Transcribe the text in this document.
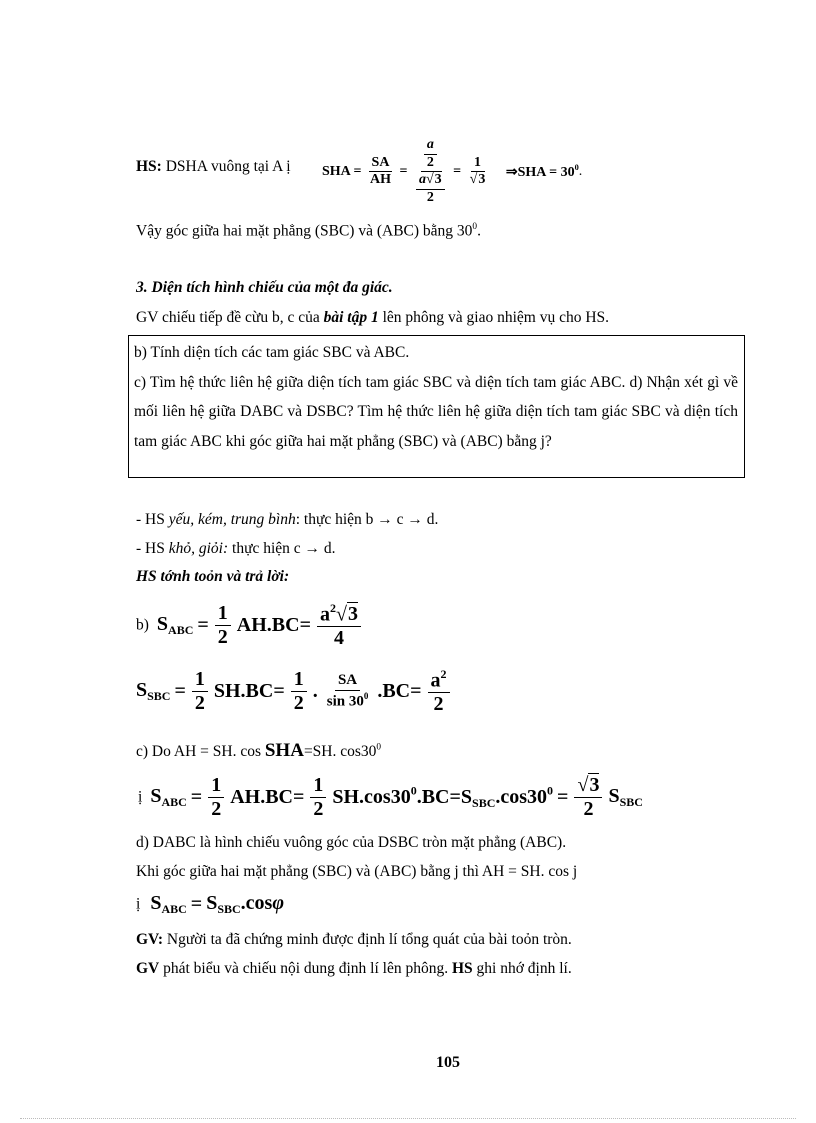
HS: DSHA vuông tại A ị SHA = $\frac{SA}{AH} = \frac{\frac{a}{2}}{\frac{a√3}{2}} = \frac{1}{√3}$ ⇒SHA = $30^0$.
Vậy góc giữa hai mặt phẳng (SBC) và (ABC) bằng $30^0$.
3. Diện tích hình chiếu của một đa giác.
GV chiếu tiếp đề cừu b, c của bài tập 1 lên phông và giao nhiệm vụ cho HS.
b) Tính diện tích các tam giác SBC và ABC.
c) Tìm hệ thức liên hệ giữa diện tích tam giác SBC và diện tích tam giác ABC. d) Nhận xét gì về mối liên hệ giữa DABC và DSBC? Tìm hệ thức liên hệ giữa diện tích tam giác SBC và diện tích tam giác ABC khi góc giữa hai mặt phẳng (SBC) và (ABC) bằng j?
- HS yếu, kém, trung bình: thực hiện b → c → d.
- HS khỏ, giỏi: thực hiện c → d.
HS tớnh toỏn và trả lời:
b) $S_{ABC} = \frac{1}{2} AH.BC= \frac{a^2√3}{4}$
$S_{SBC} = \frac{1}{2} SH.BC= \frac{1}{2}$ . $\frac{SA}{\sin 30^0} .BC= \frac{a^2}{2}$
c) Do AH = SH. cos SHA=SH. $\cos 30^0$
ị $S_{ABC} = \frac{1}{2} AH.BC= \frac{1}{2} SH.\cos 30^0.BC=S_{SBC}.\cos 30^0 = \frac{√3}{2} S_{SBC}$
d) DABC là hình chiếu vuông góc của DSBC tròn mặt phẳng (ABC).
Khi góc giữa hai mặt phẳng (SBC) và (ABC) bằng j thì AH = SH. cos j
ị $S_{ABC} = S_{SBC}.\cos\varphi$
GV: Người ta đã chứng minh được định lí tổng quát của bài toỏn tròn.
GV phát biểu và chiếu nội dung định lí lên phông. HS ghi nhớ định lí.
105
